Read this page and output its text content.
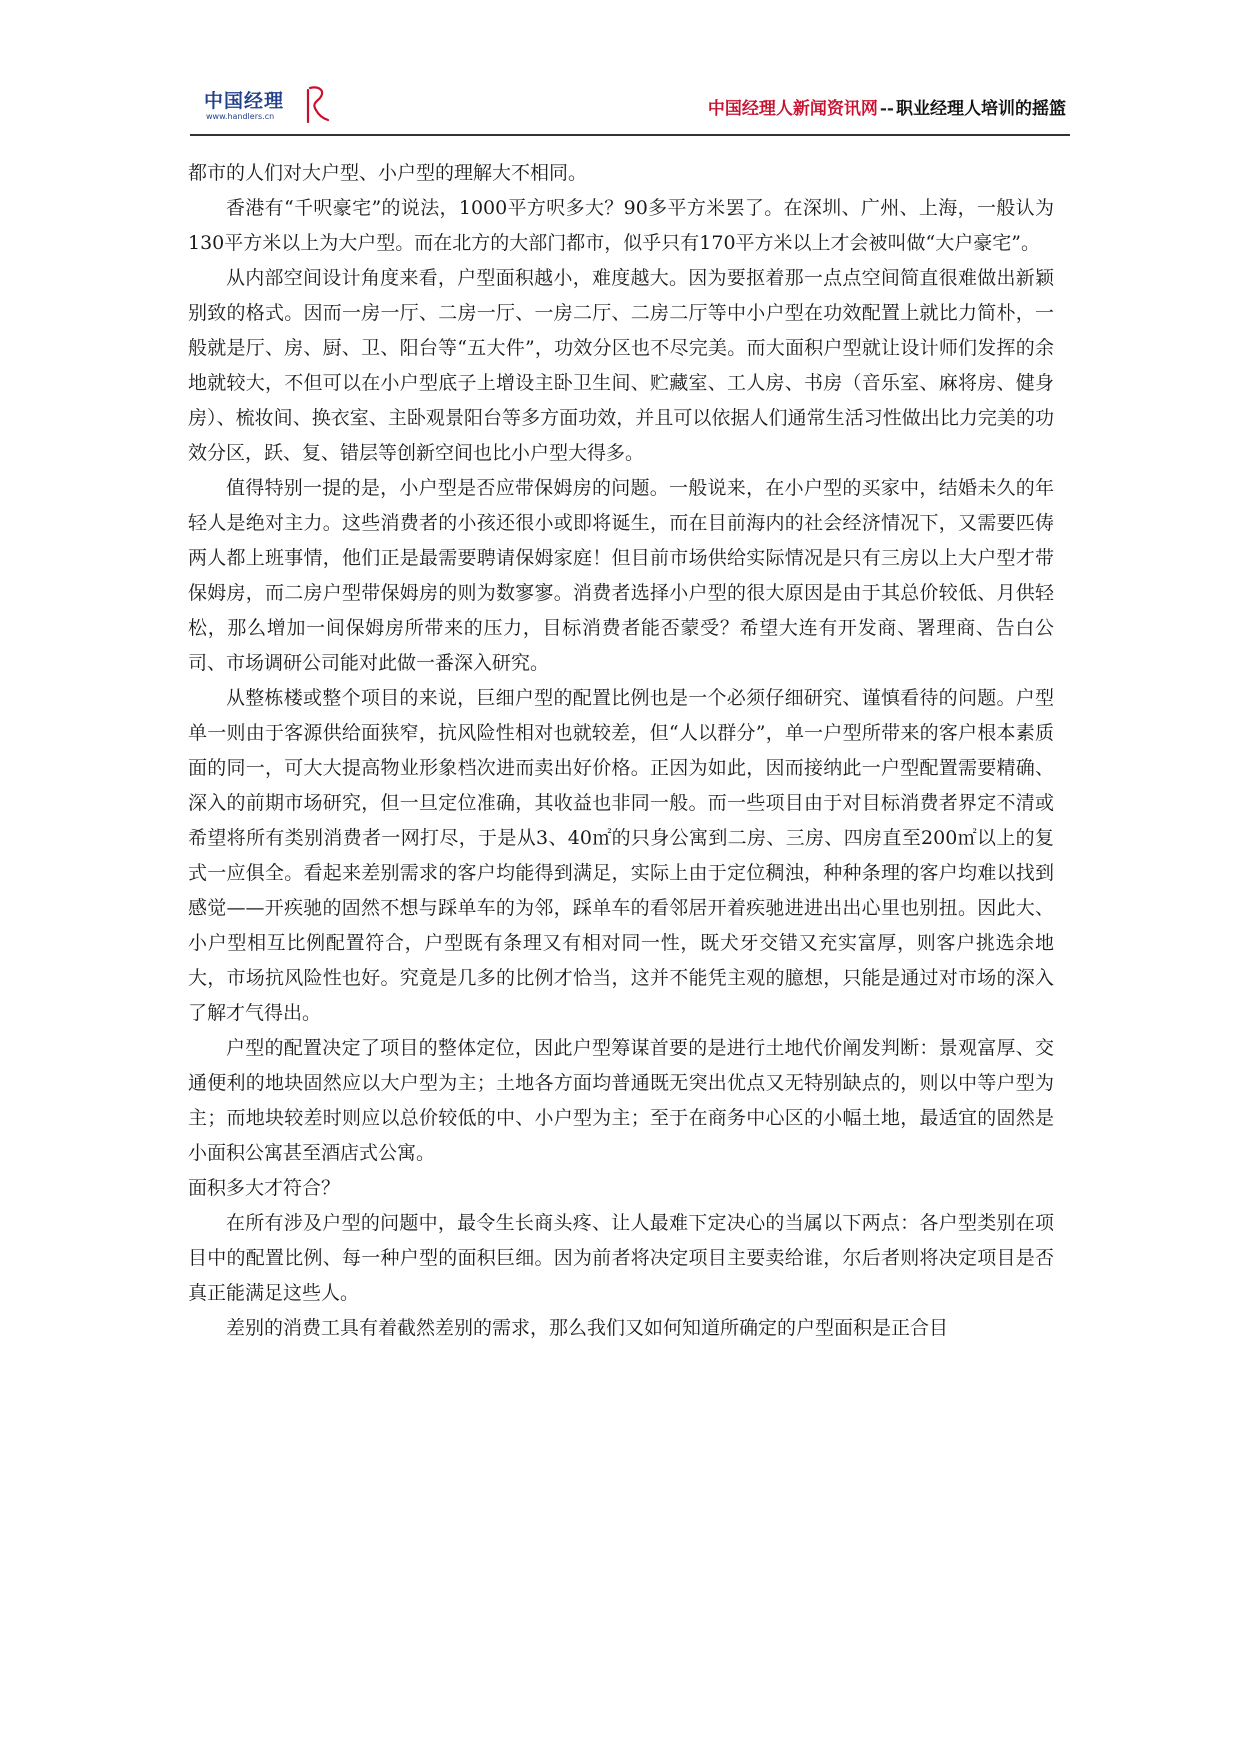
中国经理
www.handlers.cn	中国经理人新闻资讯网 -- 职业经理人培训的摇篮

都市的人们对大户型、小户型的理解大不相同。

香港有“千呎豪宅”的说法，1000平方呎多大？90多平方米罢了。在深圳、广州、上海，一般认为130平方米以上为大户型。而在北方的大部门都市，似乎只有170平方米以上才会被叫做“大户豪宅”。

从内部空间设计角度来看，户型面积越小，难度越大。因为要抠着那一点点空间简直很难做出新颖别致的格式。因而一房一厅、二房一厅、一房二厅、二房二厅等中小户型在功效配置上就比力简朴，一般就是厅、房、厨、卫、阳台等“五大件”，功效分区也不尽完美。而大面积户型就让设计师们发挥的余地就较大，不但可以在小户型底子上增设主卧卫生间、贮藏室、工人房、书房（音乐室、麻将房、健身房）、梳妆间、换衣室、主卧观景阳台等多方面功效，并且可以依据人们通常生活习性做出比力完美的功效分区，跃、复、错层等创新空间也比小户型大得多。

值得特别一提的是，小户型是否应带保姆房的问题。一般说来，在小户型的买家中，结婚未久的年轻人是绝对主力。这些消费者的小孩还很小或即将诞生，而在目前海内的社会经济情况下，又需要匹俦两人都上班事情，他们正是最需要聘请保姆家庭！但目前市场供给实际情况是只有三房以上大户型才带保姆房，而二房户型带保姆房的则为数寥寥。消费者选择小户型的很大原因是由于其总价较低、月供轻松，那么增加一间保姆房所带来的压力，目标消费者能否蒙受？希望大连有开发商、署理商、告白公司、市场调研公司能对此做一番深入研究。

从整栋楼或整个项目的来说，巨细户型的配置比例也是一个必须仔细研究、谨慎看待的问题。户型单一则由于客源供给面狭窄，抗风险性相对也就较差，但“人以群分”，单一户型所带来的客户根本素质面的同一，可大大提高物业形象档次进而卖出好价格。正因为如此，因而接纳此一户型配置需要精确、深入的前期市场研究，但一旦定位准确，其收益也非同一般。而一些项目由于对目标消费者界定不清或希望将所有类别消费者一网打尽，于是从3、40㎡的只身公寓到二房、三房、四房直至200㎡以上的复式一应俱全。看起来差别需求的客户均能得到满足，实际上由于定位稠浊，种种条理的客户均难以找到感觉——开疾驰的固然不想与踩单车的为邻，踩单车的看邻居开着疾驰进进出出心里也别扭。因此大、小户型相互比例配置符合，户型既有条理又有相对同一性，既犬牙交错又充实富厚，则客户挑选余地大，市场抗风险性也好。究竟是几多的比例才恰当，这并不能凭主观的臆想，只能是通过对市场的深入了解才气得出。

户型的配置决定了项目的整体定位，因此户型筹谋首要的是进行土地代价阐发判断：景观富厚、交通便利的地块固然应以大户型为主；土地各方面均普通既无突出优点又无特别缺点的，则以中等户型为主；而地块较差时则应以总价较低的中、小户型为主；至于在商务中心区的小幅土地，最适宜的固然是小面积公寓甚至酒店式公寓。

面积多大才符合？

在所有涉及户型的问题中，最令生长商头疼、让人最难下定决心的当属以下两点：各户型类别在项目中的配置比例、每一种户型的面积巨细。因为前者将决定项目主要卖给谁，尔后者则将决定项目是否真正能满足这些人。

差别的消费工具有着截然差别的需求，那么我们又如何知道所确定的户型面积是正合目
